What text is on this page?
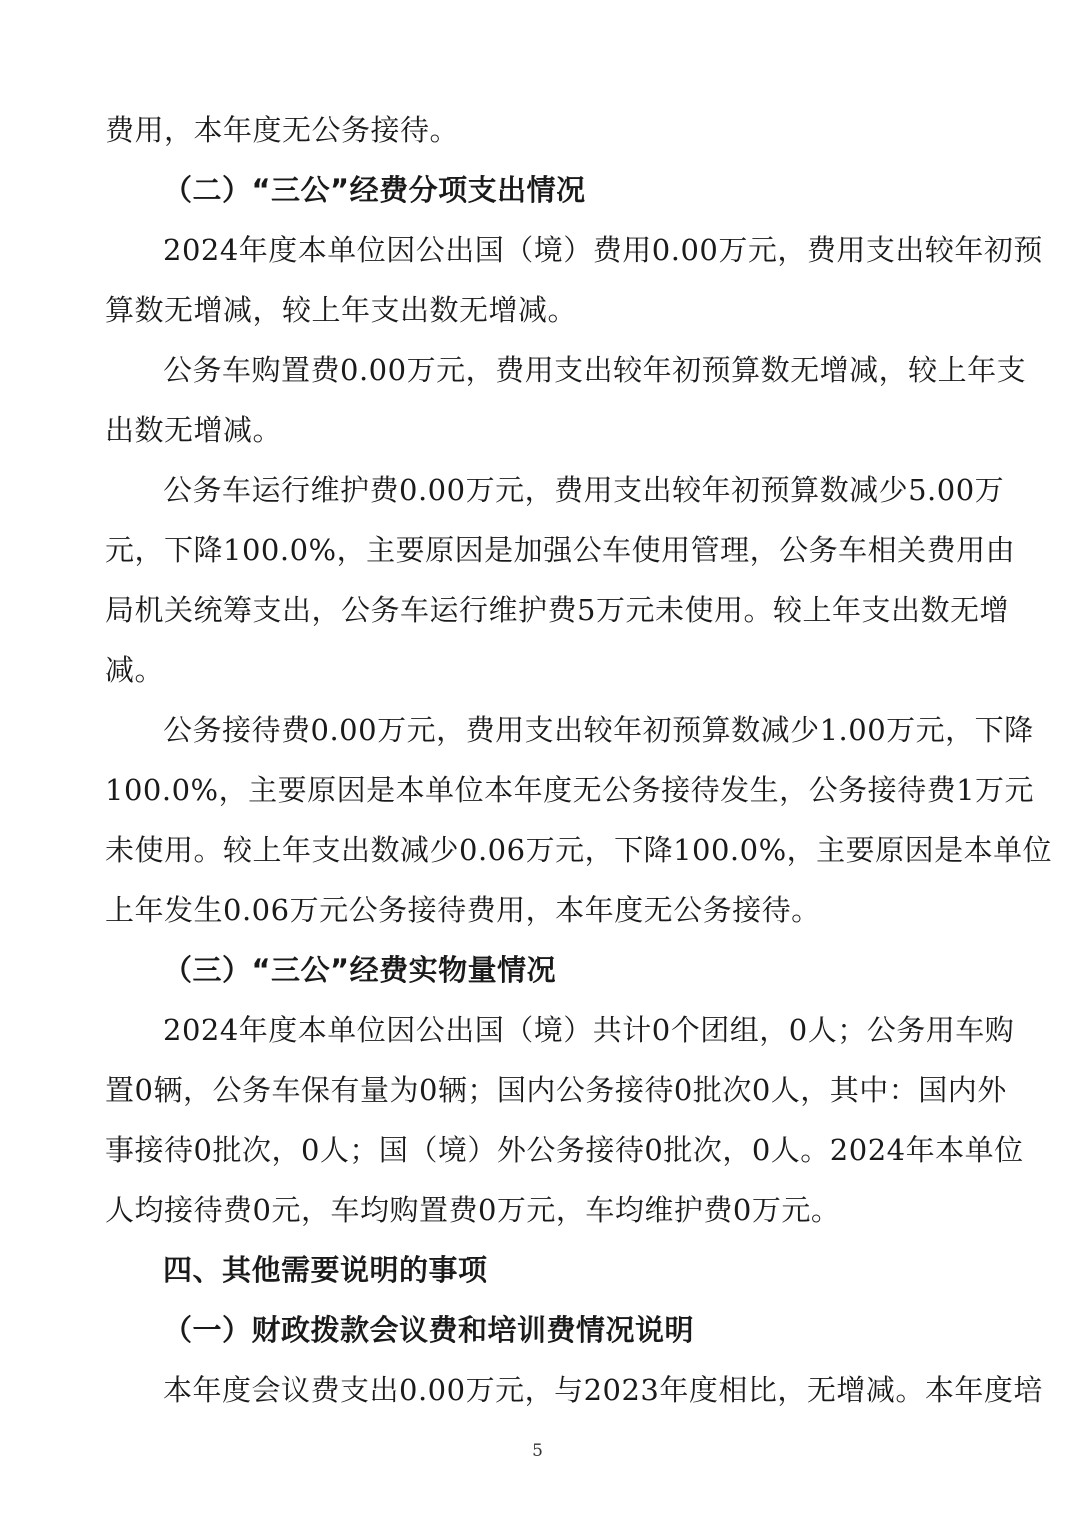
费用，本年度无公务接待。
（二）“三公”经费分项支出情况
2024年度本单位因公出国（境）费用0.00万元，费用支出较年初预
算数无增减，较上年支出数无增减。
公务车购置费0.00万元，费用支出较年初预算数无增减，较上年支
出数无增减。
公务车运行维护费0.00万元，费用支出较年初预算数减少5.00万
元，下降100.0%，主要原因是加强公车使用管理，公务车相关费用由
局机关统筹支出，公务车运行维护费5万元未使用。较上年支出数无增
减。
公务接待费0.00万元，费用支出较年初预算数减少1.00万元，下降
100.0%，主要原因是本单位本年度无公务接待发生，公务接待费1万元
未使用。较上年支出数减少0.06万元，下降100.0%，主要原因是本单位
上年发生0.06万元公务接待费用，本年度无公务接待。
（三）“三公”经费实物量情况
2024年度本单位因公出国（境）共计0个团组，0人；公务用车购
置0辆，公务车保有量为0辆；国内公务接待0批次0人，其中：国内外
事接待0批次，0人；国（境）外公务接待0批次，0人。2024年本单位
人均接待费0元，车均购置费0万元，车均维护费0万元。
四、其他需要说明的事项
（一）财政拨款会议费和培训费情况说明
本年度会议费支出0.00万元，与2023年度相比，无增减。本年度培
5
